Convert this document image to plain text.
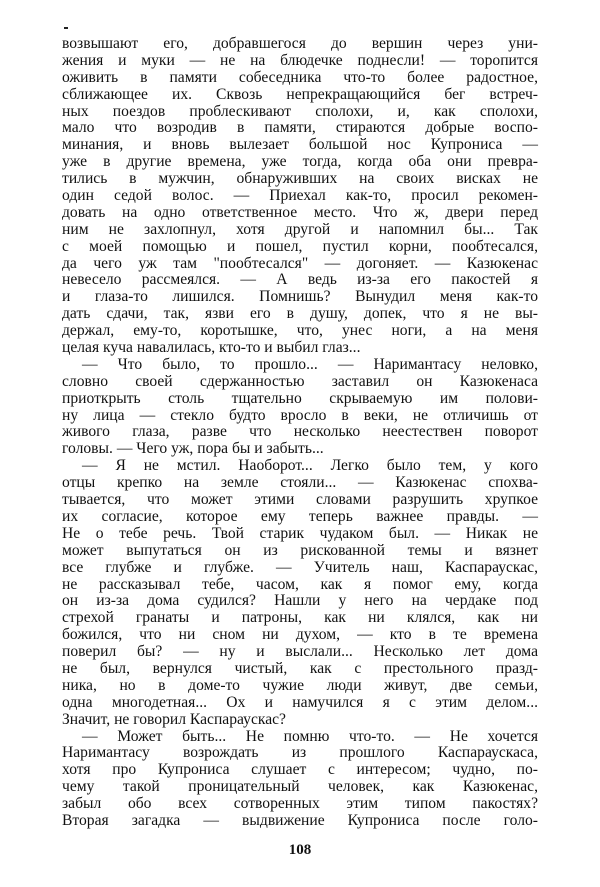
возвышают его, добравшегося до вершин через уни-
жения и муки — не на блюдечке поднесли! — торопится
оживить в памяти собеседника что-то более радостное,
сближающее их. Сквозь непрекращающийся бег встреч-
ных поездов проблескивают сполохи, и, как сполохи,
мало что возродив в памяти, стираются добрые воспо-
минания, и вновь вылезает большой нос Купрониса —
уже в другие времена, уже тогда, когда оба они превра-
тились в мужчин, обнаруживших на своих висках не
один седой волос. — Приехал как-то, просил рекомен-
довать на одно ответственное место. Что ж, двери перед
ним не захлопнул, хотя другой и напомнил бы... Так
с моей помощью и пошел, пустил корни, пообтесался,
да чего уж там "пообтесался" — догоняет. — Казюкенас
невесело рассмеялся. — А ведь из-за его пакостей я
и глаза-то лишился. Помнишь? Вынудил меня как-то
дать сдачи, так, язви его в душу, допек, что я не вы-
держал, ему-то, коротышке, что, унес ноги, а на меня
целая куча навалилась, кто-то и выбил глаз...
— Что было, то прошло... — Наримантасу неловко,
словно своей сдержанностью заставил он Казюкенаса
приоткрыть столь тщательно скрываемую им полови-
ну лица — стекло будто вросло в веки, не отличишь от
живого глаза, разве что несколько неестествен поворот
головы. — Чего уж, пора бы и забыть...
— Я не мстил. Наоборот... Легко было тем, у кого
отцы крепко на земле стояли... — Казюкенас спохва-
тывается, что может этими словами разрушить хрупкое
их согласие, которое ему теперь важнее правды. —
Не о тебе речь. Твой старик чудаком был. — Никак не
может выпутаться он из рискованной темы и вязнет
все глубже и глубже. — Учитель наш, Каспараускас,
не рассказывал тебе, часом, как я помог ему, когда
он из-за дома судился? Нашли у него на чердаке под
стрехой гранаты и патроны, как ни клялся, как ни
божился, что ни сном ни духом, — кто в те времена
поверил бы? — ну и выслали... Несколько лет дома
не был, вернулся чистый, как с престольного празд-
ника, но в доме-то чужие люди живут, две семьи,
одна многодетная... Ох и намучился я с этим делом...
Значит, не говорил Каспараускас?
— Может быть... Не помню что-то. — Не хочется
Наримантасу возрождать из прошлого Каспараускаса,
хотя про Купрониса слушает с интересом; чудно, по-
чему такой проницательный человек, как Казюкенас,
забыл обо всех сотворенных этим типом пакостях?
Вторая загадка — выдвижение Купрониса после голо-
108
